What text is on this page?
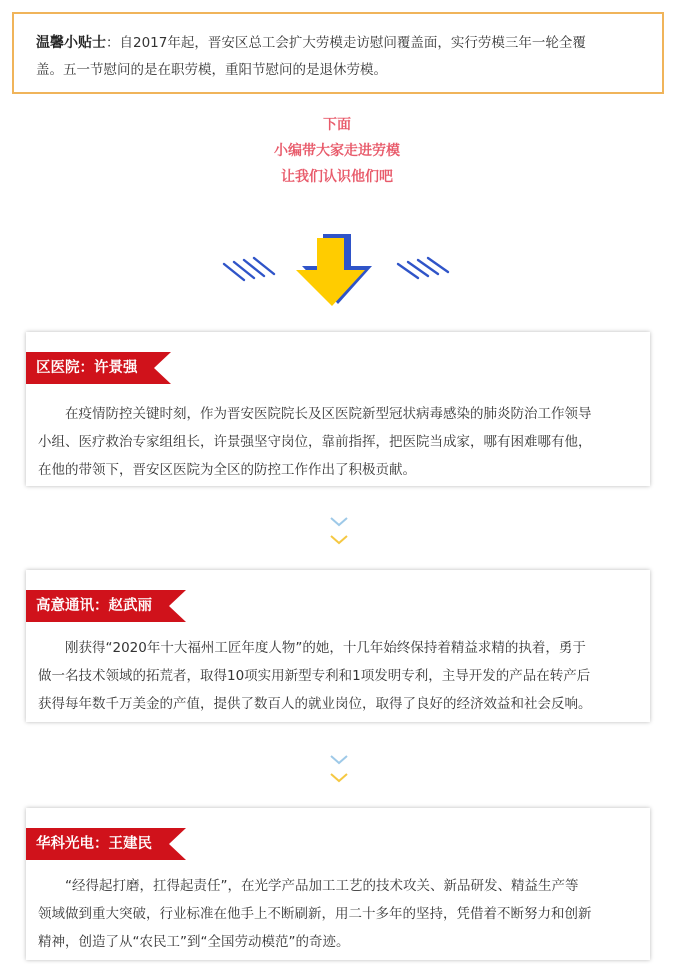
温馨小贴士：自2017年起，晋安区总工会扩大劳模走访慰问覆盖面，实行劳模三年一轮全覆
盖。五一节慰问的是在职劳模，重阳节慰问的是退休劳模。
下面
小编带大家走进劳模
让我们认识他们吧
区医院：许景强
　　在疫情防控关键时刻，作为晋安医院院长及区医院新型冠状病毒感染的肺炎防治工作领导
小组、医疗救治专家组组长，许景强坚守岗位，靠前指挥，把医院当成家，哪有困难哪有他，
在他的带领下，晋安区医院为全区的防控工作作出了积极贡献。
高意通讯：赵武丽
　　刚获得“2020年十大福州工匠年度人物”的她，十几年始终保持着精益求精的执着，勇于
做一名技术领域的拓荒者，取得10项实用新型专利和1项发明专利，主导开发的产品在转产后
获得每年数千万美金的产值，提供了数百人的就业岗位，取得了良好的经济效益和社会反响。
华科光电：王建民
　　“经得起打磨，扛得起责任”，在光学产品加工工艺的技术攻关、新品研发、精益生产等
领域做到重大突破，行业标准在他手上不断刷新，用二十多年的坚持，凭借着不断努力和创新
精神，创造了从“农民工”到“全国劳动模范”的奇迹。
